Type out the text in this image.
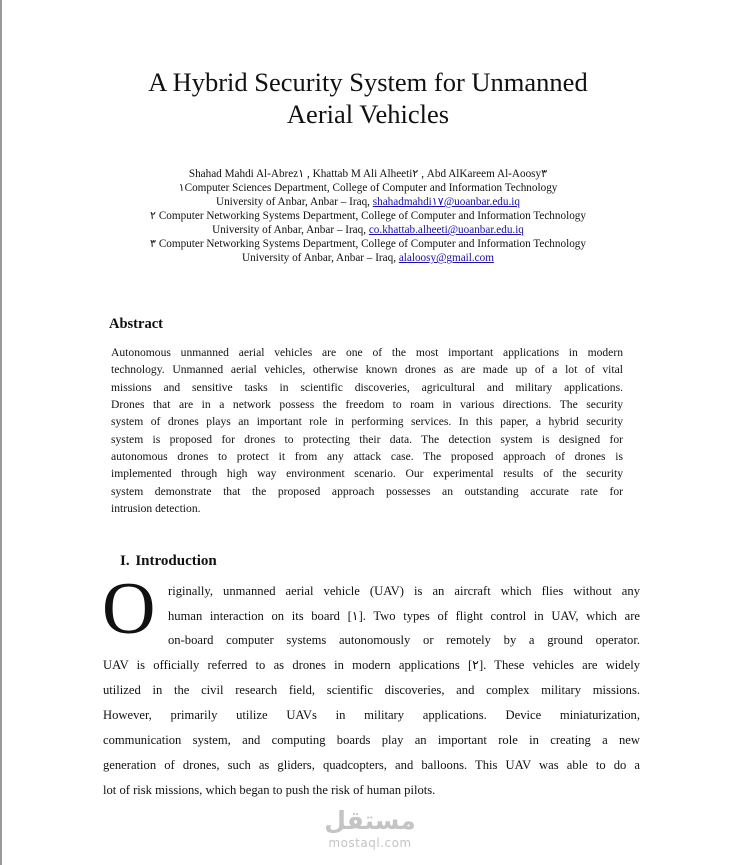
A Hybrid Security System for Unmanned
Aerial Vehicles
Shahad Mahdi Al-Abrez١ , Khattab M Ali Alheeti٢ , Abd AlKareem Al-Aoosy٣
١Computer Sciences Department, College of Computer and Information Technology
University of Anbar, Anbar – Iraq, shahadmahdi١٧@uoanbar.edu.iq
٢ Computer Networking Systems Department, College of Computer and Information Technology
University of Anbar, Anbar – Iraq, co.khattab.alheeti@uoanbar.edu.iq
٣ Computer Networking Systems Department, College of Computer and Information Technology
University of Anbar, Anbar – Iraq, alaloosy@gmail.com
Abstract
Autonomous unmanned aerial vehicles are one of the most important applications in modern
technology. Unmanned aerial vehicles, otherwise known drones as are made up of a lot of vital
missions and sensitive tasks in scientific discoveries, agricultural and military applications.
Drones that are in a network possess the freedom to roam in various directions. The security
system of drones plays an important role in performing services. In this paper, a hybrid security
system is proposed for drones to protecting their data. The detection system is designed for
autonomous drones to protect it from any attack case. The proposed approach of drones is
implemented through high way environment scenario. Our experimental results of the security
system demonstrate that the proposed approach possesses an outstanding accurate rate for
intrusion detection.
I. Introduction
O riginally, unmanned aerial vehicle (UAV) is an aircraft which flies without any
human interaction on its board [١]. Two types of flight control in UAV, which are
on-board computer systems autonomously or remotely by a ground operator.
UAV is officially referred to as drones in modern applications [٢]. These vehicles are widely
utilized in the civil research field, scientific discoveries, and complex military missions.
However, primarily utilize UAVs in military applications. Device miniaturization,
communication system, and computing boards play an important role in creating a new
generation of drones, such as gliders, quadcopters, and balloons. This UAV was able to do a
lot of risk missions, which began to push the risk of human pilots.
مستقل
mostaql.com
